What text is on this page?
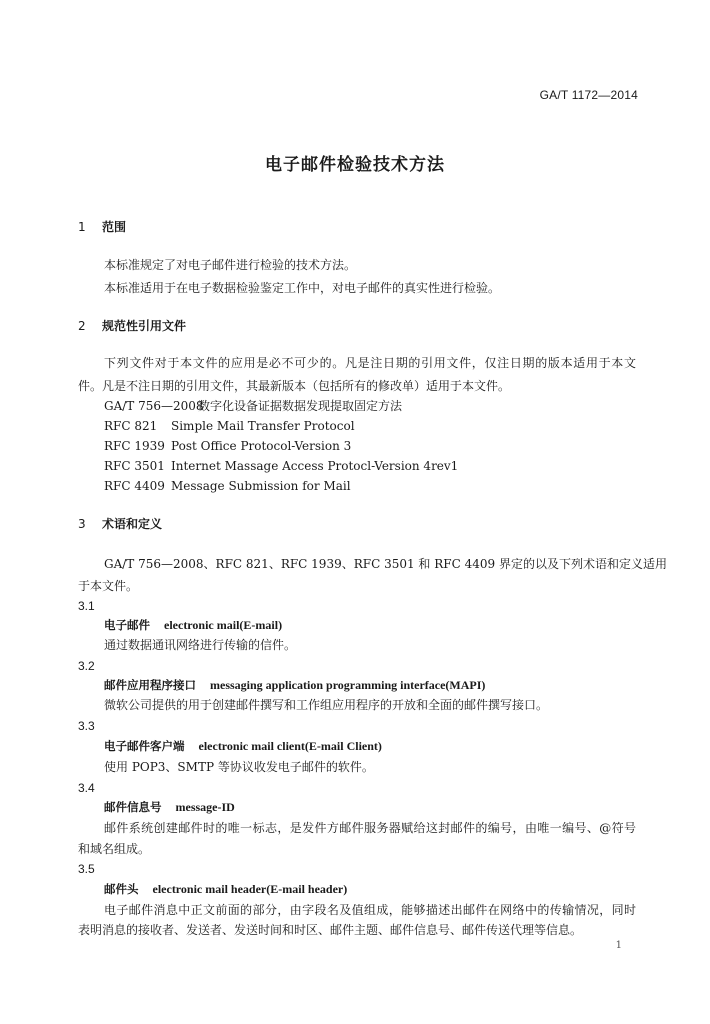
GA/T 1172—2014
电子邮件检验技术方法
1 范围
本标准规定了对电子邮件进行检验的技术方法。
本标准适用于在电子数据检验鉴定工作中，对电子邮件的真实性进行检验。
2 规范性引用文件
下列文件对于本文件的应用是必不可少的。凡是注日期的引用文件，仅注日期的版本适用于本文
件。凡是不注日期的引用文件，其最新版本（包括所有的修改单）适用于本文件。
GA/T 756—2008数字化设备证据数据发现提取固定方法
RFC 821 Simple Mail Transfer Protocol
RFC 1939 Post Office Protocol-Version 3
RFC 3501 Internet Massage Access Protocl-Version 4rev1
RFC 4409 Message Submission for Mail
3 术语和定义
GA/T 756—2008、RFC 821、RFC 1939、RFC 3501 和 RFC 4409 界定的以及下列术语和定义适用
于本文件。
3.1
电子邮件 electronic mail(E-mail)
通过数据通讯网络进行传输的信件。
3.2
邮件应用程序接口 messaging application programming interface(MAPI)
微软公司提供的用于创建邮件撰写和工作组应用程序的开放和全面的邮件撰写接口。
3.3
电子邮件客户端 electronic mail client(E-mail Client)
使用 POP3、SMTP 等协议收发电子邮件的软件。
3.4
邮件信息号 message-ID
邮件系统创建邮件时的唯一标志，是发件方邮件服务器赋给这封邮件的编号，由唯一编号、@符号
和域名组成。
3.5
邮件头 electronic mail header(E-mail header)
电子邮件消息中正文前面的部分，由字段名及值组成，能够描述出邮件在网络中的传输情况，同时
表明消息的接收者、发送者、发送时间和时区、邮件主题、邮件信息号、邮件传送代理等信息。
1
